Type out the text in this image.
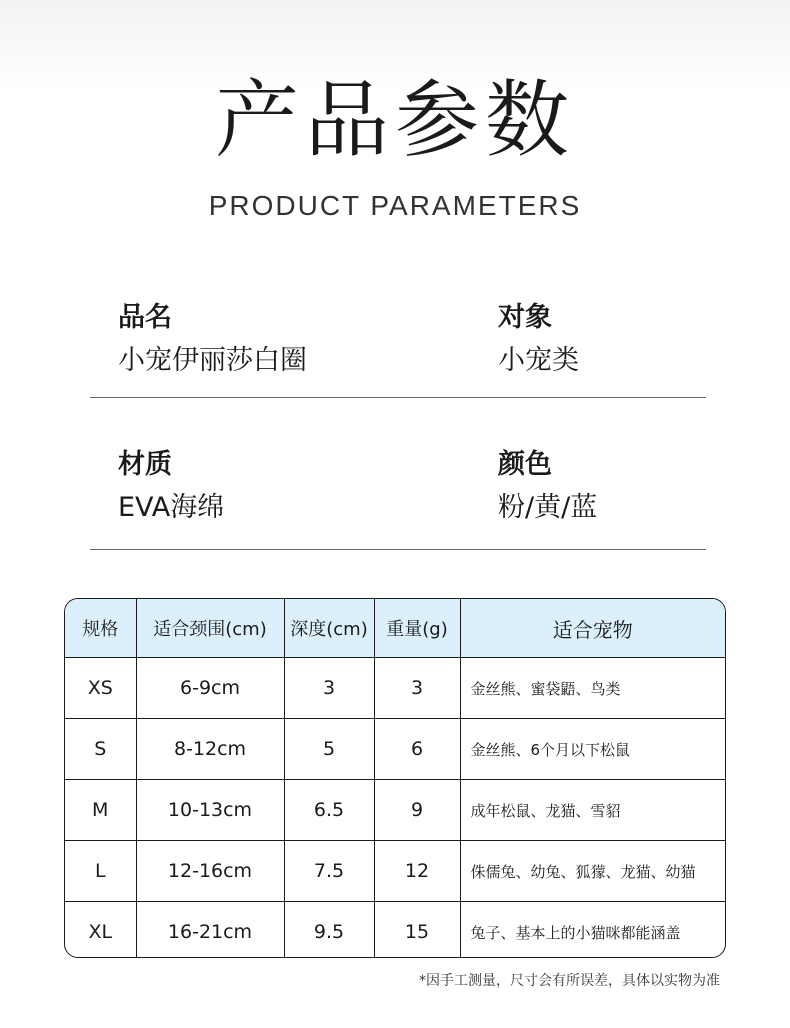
产品参数
PRODUCT PARAMETERS
品名
小宠伊丽莎白圈
对象
小宠类
材质
EVA海绵
颜色
粉/黄/蓝
规格	适合颈围(cm)	深度(cm)	重量(g)	适合宠物
XS	6-9cm	3	3	金丝熊、蜜袋鼯、鸟类
S	8-12cm	5	6	金丝熊、6个月以下松鼠
M	10-13cm	6.5	9	成年松鼠、龙猫、雪貂
L	12-16cm	7.5	12	侏儒兔、幼兔、狐獴、龙猫、幼猫
XL	16-21cm	9.5	15	兔子、基本上的小猫咪都能涵盖
*因手工测量，尺寸会有所误差，具体以实物为准
